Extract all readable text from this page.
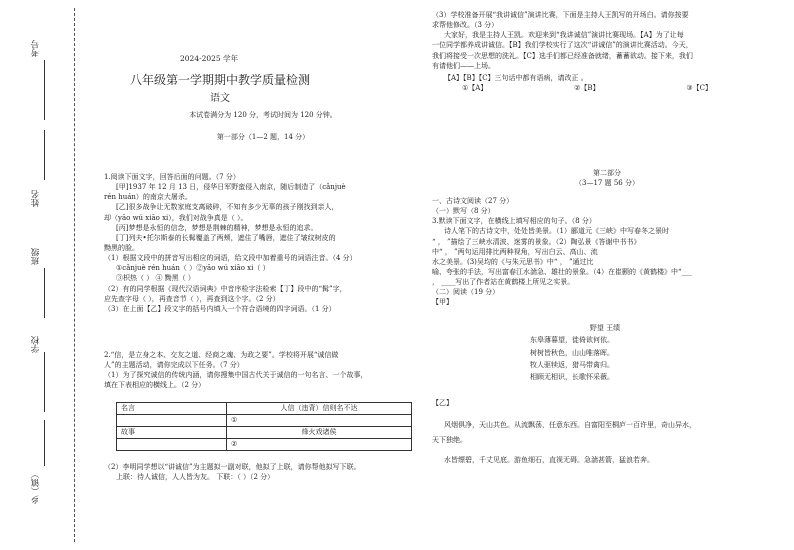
考号
姓名
班级
学校
乡（镇）
2024-2025 学年
八年级第一学期期中教学质量检测
语文
本试卷满分为 120 分，考试时间为 120 分钟。
第一部分（1—2 题，14 分）
1.阅读下面文字，回答后面的问题。（7 分）
[甲]1937 年 12 月 13 日，侵华日军野蛮侵入南京，随后制造了（cǎnjuè
rén huán）的南京大屠杀。
[乙]很多战争让无数家庭支离破碎，不知有多少无辜的孩子刚找到亲人，
却（yāo wú xiāo xi），我们对战争真是（ ）。
[丙]梦想是永恒的信念，梦想是荆棘的精神，梦想是永恒的追求。
[丁]列夫•托尔斯泰的长髯覆盖了两颊，遮住了嘴唇，遮住了皱纹树皮的
黝黑的脸。
（1）根据文段中的拼音写出相应的词语，给文段中加着重号的词语注音。（4 分）
①cǎnjuè rén huán（ ）②yāo wú xiāo xi（ ）
③枳热（ ） ④ 黝黑（ ）
（2）有的同学根据《现代汉语词典》中音序检字法检索【丁】段中的“髯”字，
应先查字母（ ），再查音节（ ），再查到这个字。（2 分）
（3）在上面【乙】段文字的括号内填入一个符合语境的四字词语。（1 分）
2.“信，是立身之本、交友之道、经商之魂、为政之要”。学校将开展“诚信做
人”的主题活动，请你完成以下任务。（7 分）
（1）为了探究诚信的传统内涵，请你搜集中国古代关于诚信的一句名言、一个故事，
填在下表相应的横线上。（2 分）
名言	人信（违背）信则名不达
	①
故事	烽火戏诸侯
	②
（2）李明同学想以“讲诚信”为主题拟一副对联，他拟了上联，请你帮他拟写下联。
上联：待人诚信，人人皆为友。 下联：（ ）（2 分）
（3）学校准备开展“我讲诚信”演讲比赛，下面是主持人王凯写的开场白。请你按要
求帮他修改。（3 分）
大家好，我是主持人王凯。欢迎来到“我讲诚信”演讲比赛现场。【A】为了让每
一位同学都养成讲诚信。【B】我们学校实行了这次“讲诚信”的演讲比赛活动。今天，
我们将接受一次思想的洗礼。【C】选手们都已经准备就绪，蓄蓄欲动。接下来，我们
有请他们——上场。
【A】【B】【C】三句话中都有语病，请改正 。
①【A】	②【B】	③【C】
第二部分
（3—17 题 56 分）
一、古诗文阅读（27 分）
（一）默写（8 分）
3.默读下面文字，在横线上填写相应的句子。（8 分）
诗人笔下的古诗文中，处处皆美景。（1）郦道元《三峡》中写春冬之景时
“ ， ”描绘了三峡水清波、迷雾的景象。（2）陶弘景《答谢中书书》
中“ ， ”两句运用排比两种视角，写出白云、高山、流
水之美景。(3)吴均的《与朱元思书》中“ ， ”通过比
喻、夸张的手法，写出富春江水湍急、雄壮的景象。（4）在崔颢的《黄鹤楼》中“___
， ____写出了作者站在黄鹤楼上所见之实景。
（二）阅读（19 分）
【甲】
野望 王绩
东皋薄暮望，徙倚欲何依。
树树皆秋色，山山唯落晖。
牧人驱犊返，猎马带禽归。
相顾无相识，长歌怀采薇。
【乙】
风烟俱净，天山共色。从流飘荡，任意东西。自富阳至桐庐一百许里，奇山异水，
天下独绝。
水皆缥碧，千丈见底。游鱼细石，直视无碍。急湍甚箭，猛浪若奔。
